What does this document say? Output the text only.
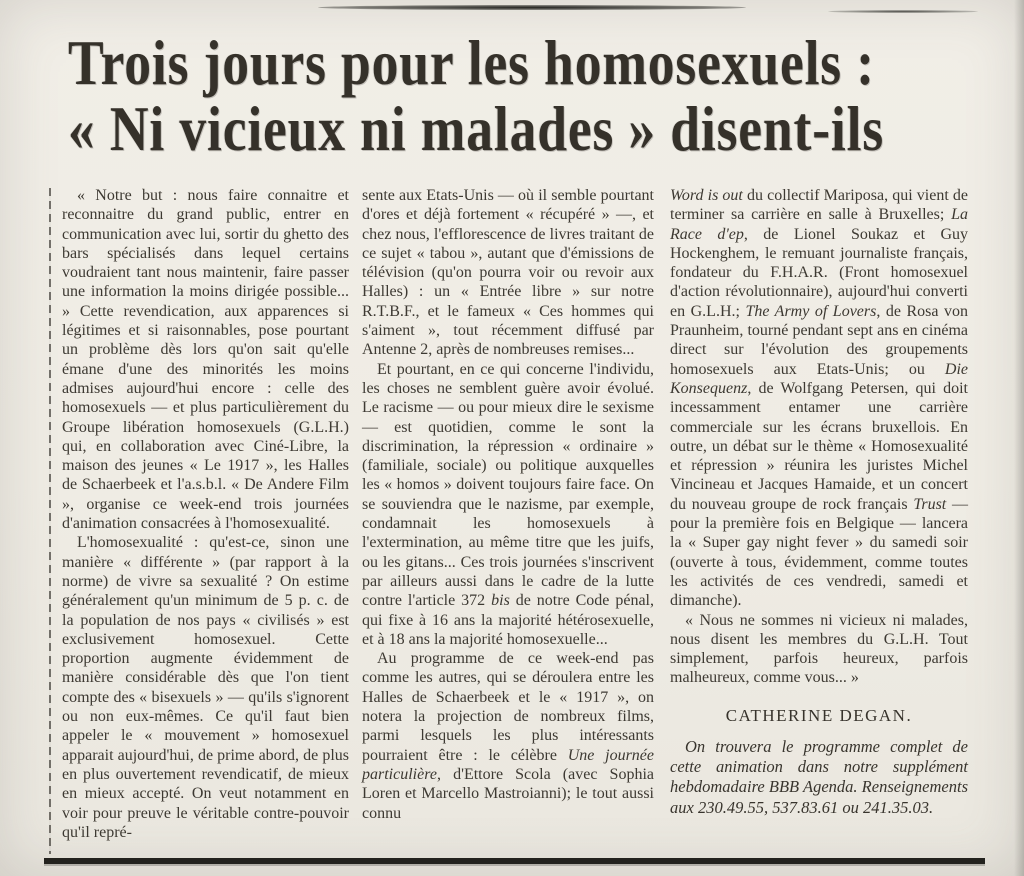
Trois jours pour les homosexuels :
« Ni vicieux ni malades » disent-ils

« Notre but : nous faire connaitre et reconnaitre du grand public, entrer en communication avec lui, sortir du ghetto des bars spécialisés dans lequel certains voudraient tant nous maintenir, faire passer une information la moins dirigée possible... » Cette revendication, aux apparences si légitimes et si raisonnables, pose pourtant un problème dès lors qu'on sait qu'elle émane d'une des minorités les moins admises aujourd'hui encore : celle des homosexuels — et plus particulièrement du Groupe libération homosexuels (G.L.H.) qui, en collaboration avec Ciné-Libre, la maison des jeunes « Le 1917 », les Halles de Schaerbeek et l'a.s.b.l. « De Andere Film », organise ce week-end trois journées d'animation consacrées à l'homosexualité.

L'homosexualité : qu'est-ce, sinon une manière « différente » (par rapport à la norme) de vivre sa sexualité ? On estime généralement qu'un minimum de 5 p. c. de la population de nos pays « civilisés » est exclusivement homosexuel. Cette proportion augmente évidemment de manière considérable dès que l'on tient compte des « bisexuels » — qu'ils s'ignorent ou non eux-mêmes. Ce qu'il faut bien appeler le « mouvement » homosexuel apparait aujourd'hui, de prime abord, de plus en plus ouvertement revendicatif, de mieux en mieux accepté. On veut notamment en voir pour preuve le véritable contre-pouvoir qu'il repré-

sente aux Etats-Unis — où il semble pourtant d'ores et déjà fortement « récupéré » —, et chez nous, l'efflorescence de livres traitant de ce sujet « tabou », autant que d'émissions de télévision (qu'on pourra voir ou revoir aux Halles) : un « Entrée libre » sur notre R.T.B.F., et le fameux « Ces hommes qui s'aiment », tout récemment diffusé par Antenne 2, après de nombreuses remises...

Et pourtant, en ce qui concerne l'individu, les choses ne semblent guère avoir évolué. Le racisme — ou pour mieux dire le sexisme — est quotidien, comme le sont la discrimination, la répression « ordinaire » (familiale, sociale) ou politique auxquelles les « homos » doivent toujours faire face. On se souviendra que le nazisme, par exemple, condamnait les homosexuels à l'extermination, au même titre que les juifs, ou les gitans... Ces trois journées s'inscrivent par ailleurs aussi dans le cadre de la lutte contre l'article 372 bis de notre Code pénal, qui fixe à 16 ans la majorité hétérosexuelle, et à 18 ans la majorité homosexuelle...

Au programme de ce week-end pas comme les autres, qui se déroulera entre les Halles de Schaerbeek et le « 1917 », on notera la projection de nombreux films, parmi lesquels les plus intéressants pourraient être : le célèbre Une journée particulière, d'Ettore Scola (avec Sophia Loren et Marcello Mastroianni); le tout aussi connu

Word is out du collectif Mariposa, qui vient de terminer sa carrière en salle à Bruxelles; La Race d'ep, de Lionel Soukaz et Guy Hockenghem, le remuant journaliste français, fondateur du F.H.A.R. (Front homosexuel d'action révolutionnaire), aujourd'hui converti en G.L.H.; The Army of Lovers, de Rosa von Praunheim, tourné pendant sept ans en cinéma direct sur l'évolution des groupements homosexuels aux Etats-Unis; ou Die Konsequenz, de Wolfgang Petersen, qui doit incessamment entamer une carrière commerciale sur les écrans bruxellois. En outre, un débat sur le thème « Homosexualité et répression » réunira les juristes Michel Vincineau et Jacques Hamaide, et un concert du nouveau groupe de rock français Trust — pour la première fois en Belgique — lancera la « Super gay night fever » du samedi soir (ouverte à tous, évidemment, comme toutes les activités de ces vendredi, samedi et dimanche).

« Nous ne sommes ni vicieux ni malades, nous disent les membres du G.L.H. Tout simplement, parfois heureux, parfois malheureux, comme vous... »

CATHERINE DEGAN.

On trouvera le programme complet de cette animation dans notre supplément hebdomadaire BBB Agenda. Renseignements aux 230.49.55, 537.83.61 ou 241.35.03.
